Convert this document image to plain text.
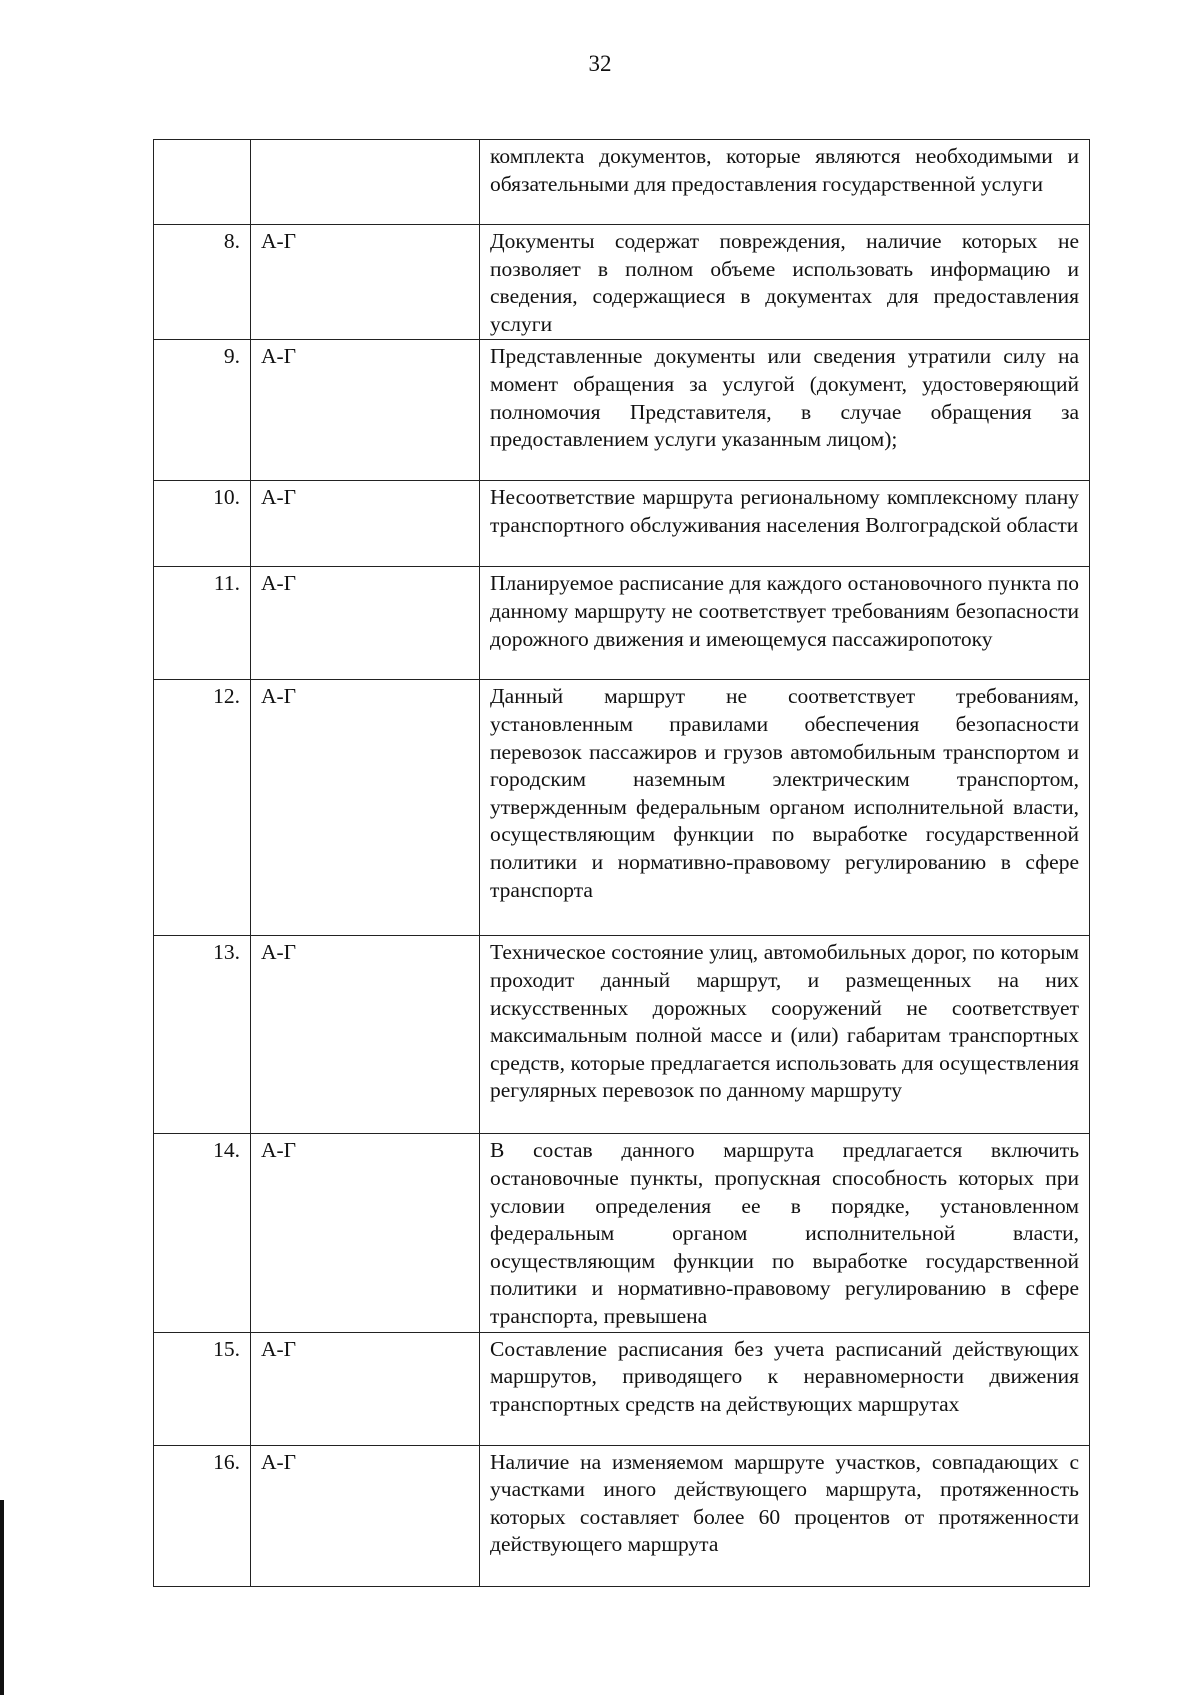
32
		комплекта документов, которые являются необходимыми и обязательными для предоставления государственной услуги
8.	А-Г	Документы содержат повреждения, наличие которых не позволяет в полном объеме использовать информацию и сведения, содержащиеся в документах для предоставления услуги
9.	А-Г	Представленные документы или сведения утратили силу на момент обращения за услугой (документ, удостоверяющий полномочия Представителя, в случае обращения за предоставлением услуги указанным лицом);
10.	А-Г	Несоответствие маршрута региональному комплексному плану транспортного обслуживания населения Волгоградской области
11.	А-Г	Планируемое расписание для каждого остановочного пункта по данному маршруту не соответствует требованиям безопасности дорожного движения и имеющемуся пассажиропотоку
12.	А-Г	Данный маршрут не соответствует требованиям, установленным правилами обеспечения безопасности перевозок пассажиров и грузов автомобильным транспортом и городским наземным электрическим транспортом, утвержденным федеральным органом исполнительной власти, осуществляющим функции по выработке государственной политики и нормативно-правовому регулированию в сфере транспорта
13.	А-Г	Техническое состояние улиц, автомобильных дорог, по которым проходит данный маршрут, и размещенных на них искусственных дорожных сооружений не соответствует максимальным полной массе и (или) габаритам транспортных средств, которые предлагается использовать для осуществления регулярных перевозок по данному маршруту
14.	А-Г	В состав данного маршрута предлагается включить остановочные пункты, пропускная способность которых при условии определения ее в порядке, установленном федеральным органом исполнительной власти, осуществляющим функции по выработке государственной политики и нормативно-правовому регулированию в сфере транспорта, превышена
15.	А-Г	Составление расписания без учета расписаний действующих маршрутов, приводящего к неравномерности движения транспортных средств на действующих маршрутах
16.	А-Г	Наличие на изменяемом маршруте участков, совпадающих с участками иного действующего маршрута, протяженность которых составляет более 60 процентов от протяженности действующего маршрута
